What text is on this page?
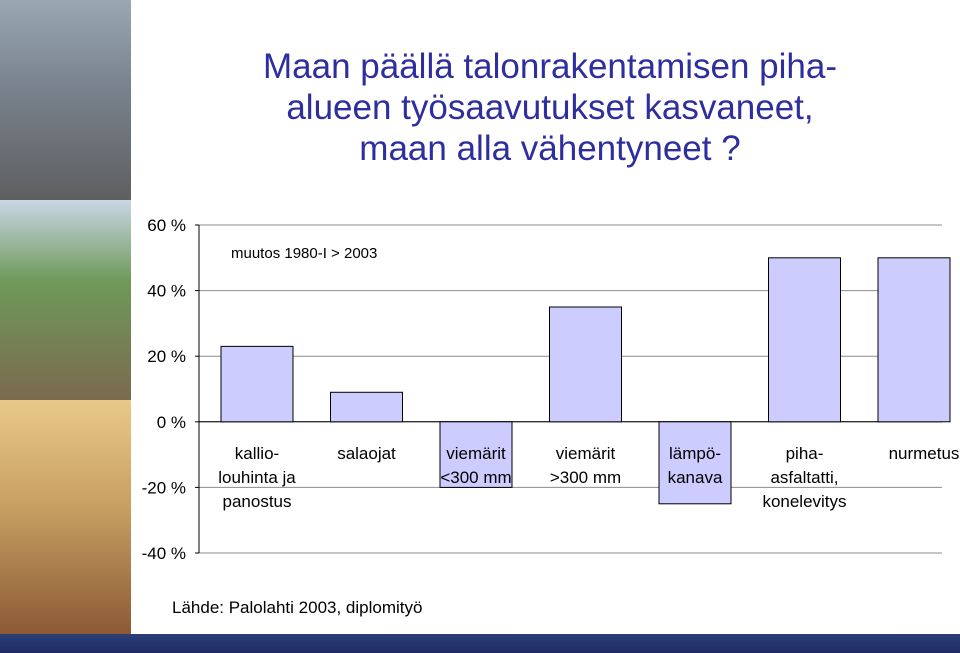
Maan päällä talonrakentamisen piha-
alueen työsaavutukset kasvaneet,
maan alla vähentyneet ?
60 %
40 %
20 %
0 %
-20 %
-40 %
muutos 1980-I > 2003
kallio-
louhinta ja
panostus
salaojat	viemärit
<300 mm
viemärit
>300 mm
lämpö-
kanava
piha-
asfaltatti,
konelevitys
nurmetus
Lähde: Palolahti 2003, diplomityö
